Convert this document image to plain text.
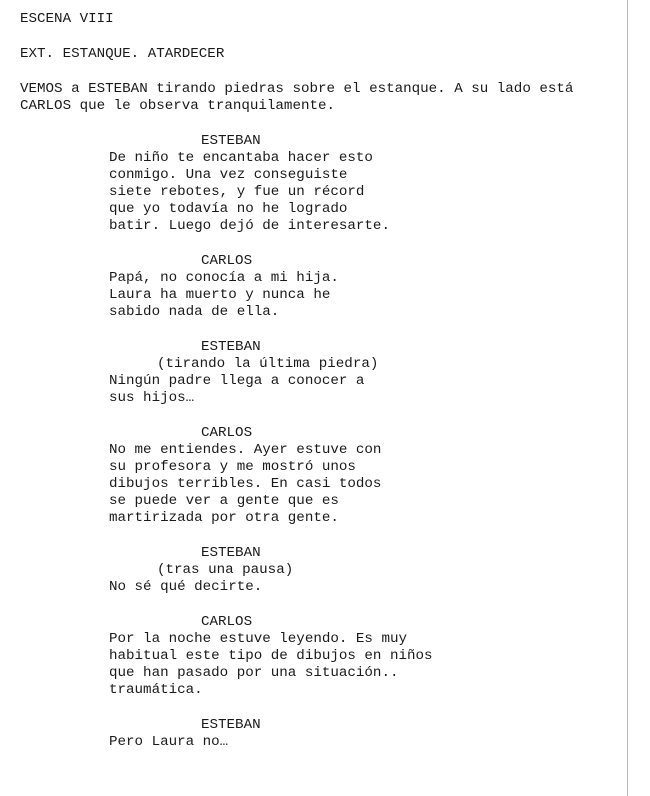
ESCENA VIII
EXT. ESTANQUE. ATARDECER
VEMOS a ESTEBAN tirando piedras sobre el estanque. A su lado está
CARLOS que le observa tranquilamente.
ESTEBAN
De niño te encantaba hacer esto
conmigo. Una vez conseguiste
siete rebotes, y fue un récord
que yo todavía no he logrado
batir. Luego dejó de interesarte.
CARLOS
Papá, no conocía a mi hija.
Laura ha muerto y nunca he
sabido nada de ella.
ESTEBAN
(tirando la última piedra)
Ningún padre llega a conocer a
sus hijos…
CARLOS
No me entiendes. Ayer estuve con
su profesora y me mostró unos
dibujos terribles. En casi todos
se puede ver a gente que es
martirizada por otra gente.
ESTEBAN
(tras una pausa)
No sé qué decirte.
CARLOS
Por la noche estuve leyendo. Es muy
habitual este tipo de dibujos en niños
que han pasado por una situación..
traumática.
ESTEBAN
Pero Laura no…
